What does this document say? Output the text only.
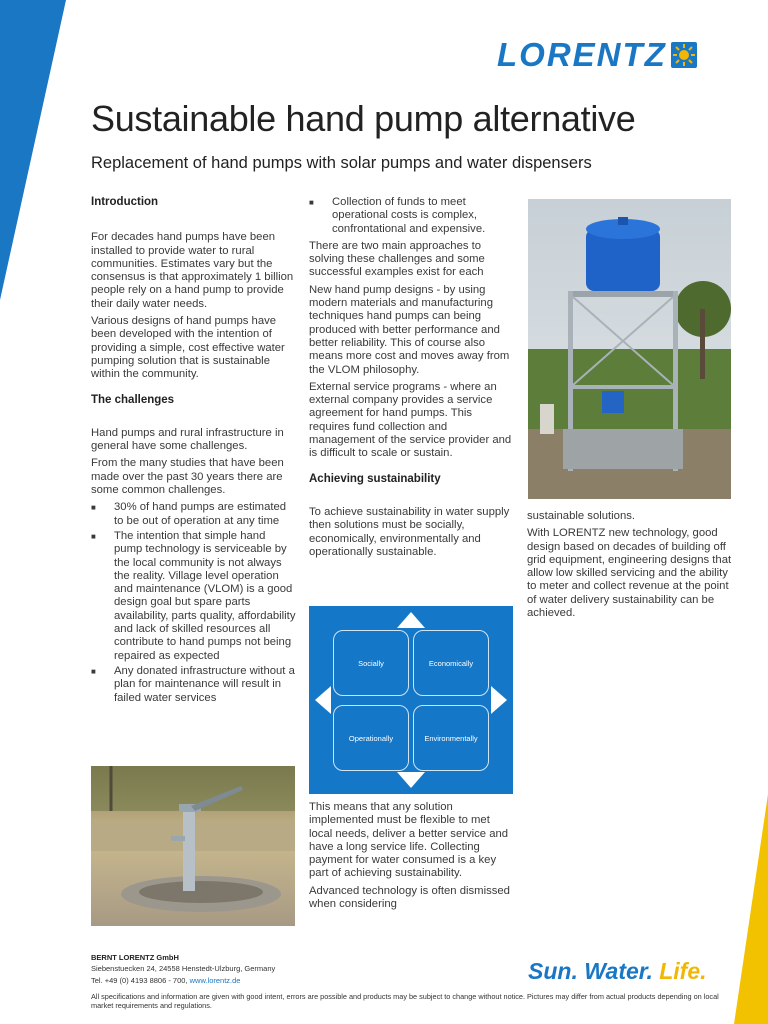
LORENTZ
Sustainable hand pump alternative
Replacement of hand pumps with solar pumps and water dispensers
Introduction

For decades hand pumps have been installed to provide water to rural communities. Estimates vary but the consensus is that approximately 1 billion people rely on a hand pump to provide their daily water needs.

Various designs of hand pumps have been developed with the intention of providing a simple, cost effective water pumping solution that is sustainable within the community.

The challenges

Hand pumps and rural infrastructure in general have some challenges.

From the many studies that have been made over the past 30 years there are some common challenges.

■ 30% of hand pumps are estimated to be out of operation at any time
■ The intention that simple hand pump technology is serviceable by the local community is not always the reality. Village level operation and maintenance (VLOM) is a good design goal but spare parts availability, parts quality, affordability and lack of skilled resources all contribute to hand pumps not being repaired as expected
■ Any donated infrastructure without a plan for maintenance will result in failed water services
■ Collection of funds to meet operational costs is complex, confrontational and expensive.

There are two main approaches to solving these challenges and some successful examples exist for each

New hand pump designs - by using modern materials and manufacturing techniques hand pumps can being produced with better performance and better reliability. This of course also means more cost and moves away from the VLOM philosophy.

External service programs - where an external company provides a service agreement for hand pumps. This requires fund collection and management of the service provider and is difficult to scale or sustain.

Achieving sustainability

To achieve sustainability in water supply then solutions must be socially, economically, environmentally and operationally sustainable.

Socially	Economically
Operationally	Environmentally

This means that any solution implemented must be flexible to met local needs, deliver a better service and have a long service life. Collecting payment for water consumed is a key part of achieving sustainability.

Advanced technology is often dismissed when considering

sustainable solutions.

With LORENTZ new technology, good design based on decades of building off grid equipment, engineering designs that allow low skilled servicing and the ability to meter and collect revenue at the point of water delivery sustainability can be achieved.

BERNT LORENTZ GmbH
Siebenstuecken 24, 24558 Henstedt-Ulzburg, Germany
Tel. +49 (0) 4193 8806 - 700, www.lorentz.de	Sun. Water. Life.
All specifications and information are given with good intent, errors are possible and products may be subject to change without notice. Pictures may differ from actual products depending on local market requirements and regulations.
